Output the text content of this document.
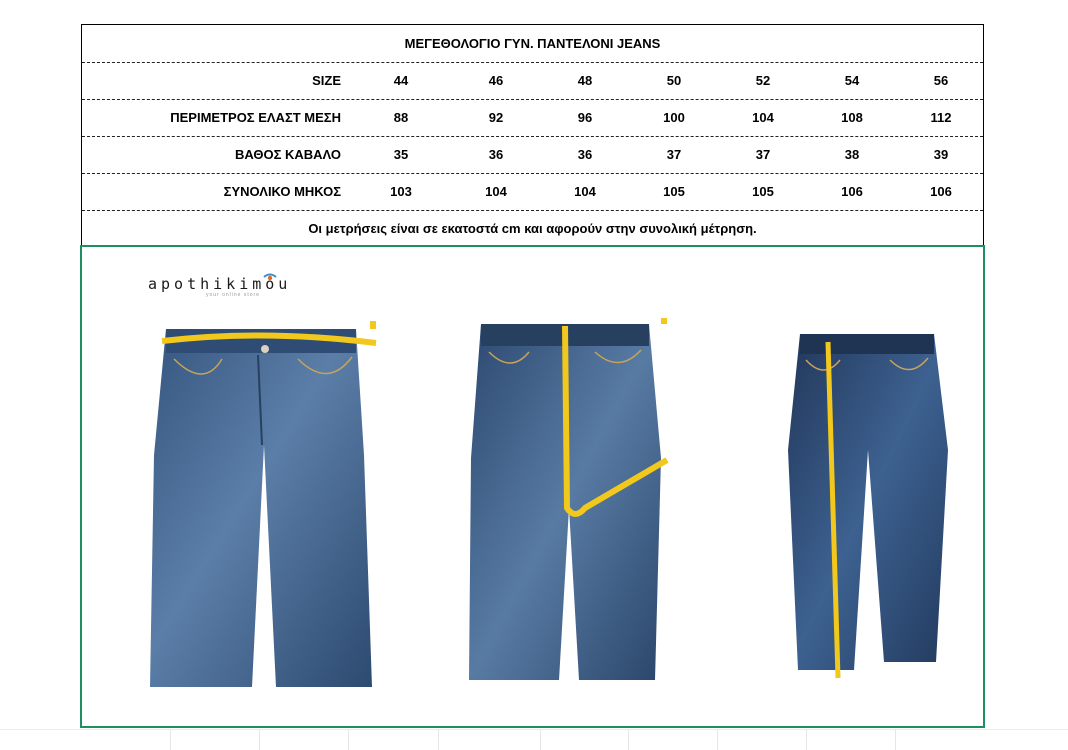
ΜΕΓΕΘΟΛΟΓΙΟ ΓΥΝ. ΠΑΝΤΕΛΟΝΙ JEANS
SIZE	44	46	48	50	52	54	56
ΠΕΡΙΜΕΤΡΟΣ ΕΛΑΣΤ ΜΕΣΗ	88	92	96	100	104	108	112
ΒΑΘΟΣ ΚΑΒΑΛΟ	35	36	36	37	37	38	39
ΣΥΝΟΛΙΚΟ ΜΗΚΟΣ	103	104	104	105	105	106	106
Οι μετρήσεις είναι σε εκατοστά cm και αφορούν στην συνολική μέτρηση.
apothikimou
your online store
